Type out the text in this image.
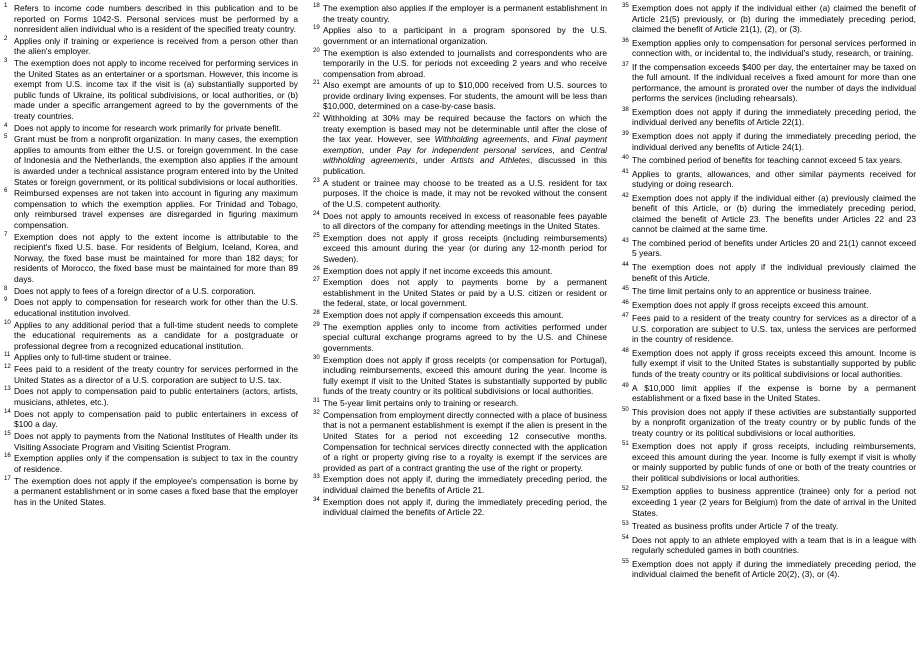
1 Refers to income code numbers described in this publication and to be reported on Forms 1042-S. Personal services must be performed by a nonresident alien individual who is a resident of the specified treaty country.
2 Applies only if training or experience is received from a person other than the alien's employer.
3 The exemption does not apply to income received for performing services in the United States as an entertainer or a sportsman. However, this income is exempt from U.S. income tax if the visit is (a) substantially supported by public funds of Ukraine, its political subdivisions, or local authorities, or (b) made under a specific arrangement agreed to by the governments of the treaty countries.
4 Does not apply to income for research work primarily for private benefit.
5 Grant must be from a nonprofit organization. In many cases, the exemption applies to amounts from either the U.S. or foreign government. In the case of Indonesia and the Netherlands, the exemption also applies if the amount is awarded under a technical assistance program entered into by the United States or foreign government, or its political subdivisions or local authorities.
6 Reimbursed expenses are not taken into account in figuring any maximum compensation to which the exemption applies. For Trinidad and Tobago, only reimbursed travel expenses are disregarded in figuring maximum compensation.
7 Exemption does not apply to the extent income is attributable to the recipient's fixed U.S. base. For residents of Belgium, Iceland, Korea, and Norway, the fixed base must be maintained for more than 182 days; for residents of Morocco, the fixed base must be maintained for more than 89 days.
8 Does not apply to fees of a foreign director of a U.S. corporation.
9 Does not apply to compensation for research work for other than the U.S. educational institution involved.
10 Applies to any additional period that a full-time student needs to complete the educational requirements as a candidate for a postgraduate or professional degree from a recognized educational institution.
11 Applies only to full-time student or trainee.
12 Fees paid to a resident of the treaty country for services performed in the United States as a director of a U.S. corporation are subject to U.S. tax.
13 Does not apply to compensation paid to public entertainers (actors, artists, musicians, athletes, etc.).
14 Does not apply to compensation paid to public entertainers in excess of $100 a day.
15 Does not apply to payments from the National Institutes of Health under its Visiting Associate Program and Visiting Scientist Program.
16 Exemption applies only if the compensation is subject to tax in the country of residence.
17 The exemption does not apply if the employee's compensation is borne by a permanent establishment or in some cases a fixed base that the employer has in the United States.
18 The exemption also applies if the employer is a permanent establishment in the treaty country.
19 Applies also to a participant in a program sponsored by the U.S. government or an international organization.
20 The exemption is also extended to journalists and correspondents who are temporarily in the U.S. for periods not exceeding 2 years and who receive compensation from abroad.
21 Also exempt are amounts of up to $10,000 received from U.S. sources to provide ordinary living expenses. For students, the amount will be less than $10,000, determined on a case-by-case basis.
22 Withholding at 30% may be required because the factors on which the treaty exemption is based may not be determinable until after the close of the tax year. However, see Withholding agreements, and Final payment exemption, under Pay for independent personal services, and Central withholding agreements, under Artists and Athletes, discussed in this publication.
23 A student or trainee may choose to be treated as a U.S. resident for tax purposes. If the choice is made, it may not be revoked without the consent of the U.S. competent authority.
24 Does not apply to amounts received in excess of reasonable fees payable to all directors of the company for attending meetings in the United States.
25 Exemption does not apply if gross receipts (including reimbursements) exceed this amount during the year (or during any 12-month period for Sweden).
26 Exemption does not apply if net income exceeds this amount.
27 Exemption does not apply to payments borne by a permanent establishment in the United States or paid by a U.S. citizen or resident or the federal, state, or local government.
28 Exemption does not apply if compensation exceeds this amount.
29 The exemption applies only to income from activities performed under special cultural exchange programs agreed to by the U.S. and Chinese governments.
30 Exemption does not apply if gross receipts (or compensation for Portugal), including reimbursements, exceed this amount during the year. Income is fully exempt if visit to the United States is substantially supported by public funds of the treaty country or its political subdivisions or local authorities.
31 The 5-year limit pertains only to training or research.
32 Compensation from employment directly connected with a place of business that is not a permanent establishment is exempt if the alien is present in the United States for a period not exceeding 12 consecutive months. Compensation for technical services directly connected with the application of a right or property giving rise to a royalty is exempt if the services are provided as part of a contract granting the use of the right or property.
33 Exemption does not apply if, during the immediately preceding period, the individual claimed the benefits of Article 21.
34 Exemption does not apply if, during the immediately preceding period, the individual claimed the benefits of Article 22.
35 Exemption does not apply if the individual either (a) claimed the benefit of Article 21(5) previously, or (b) during the immediately preceding period, claimed the benefit of Article 21(1), (2), or (3).
36 Exemption applies only to compensation for personal services performed in connection with, or incidental to, the individual's study, research, or training.
37 If the compensation exceeds $400 per day, the entertainer may be taxed on the full amount. If the individual receives a fixed amount for more than one performance, the amount is prorated over the number of days the individual performs the services (including rehearsals).
38 Exemption does not apply if during the immediately preceding period, the individual derived any benefits of Article 22(1).
39 Exemption does not apply if during the immediately preceding period, the individual derived any benefits of Article 24(1).
40 The combined period of benefits for teaching cannot exceed 5 tax years.
41 Applies to grants, allowances, and other similar payments received for studying or doing research.
42 Exemption does not apply if the individual either (a) previously claimed the benefit of this Article, or (b) during the immediately preceding period, claimed the benefit of Article 23. The benefits under Articles 22 and 23 cannot be claimed at the same time.
43 The combined period of benefits under Articles 20 and 21(1) cannot exceed 5 years.
44 The exemption does not apply if the individual previously claimed the benefit of this Article.
45 The time limit pertains only to an apprentice or business trainee.
46 Exemption does not apply if gross receipts exceed this amount.
47 Fees paid to a resident of the treaty country for services as a director of a U.S. corporation are subject to U.S. tax, unless the services are performed in the country of residence.
48 Exemption does not apply if gross receipts exceed this amount. Income is fully exempt if visit to the United States is substantially supported by public funds of the treaty country or its political subdivisions or local authorities.
49 A $10,000 limit applies if the expense is borne by a permanent establishment or a fixed base in the United States.
50 This provision does not apply if these activities are substantially supported by a nonprofit organization of the treaty country or by public funds of the treaty country or its political subdivisions or local authorities.
51 Exemption does not apply if gross receipts, including reimbursements, exceed this amount during the year. Income is fully exempt if visit is wholly or mainly supported by public funds of one or both of the treaty countries or their political subdivisions or local authorities.
52 Exemption applies to business apprentice (trainee) only for a period not exceeding 1 year (2 years for Belgium) from the date of arrival in the United States.
53 Treated as business profits under Article 7 of the treaty.
54 Does not apply to an athlete employed with a team that is in a league with regularly scheduled games in both countries.
55 Exemption does not apply if during the immediately preceding period, the individual claimed the benefit of Article 20(2), (3), or (4).
